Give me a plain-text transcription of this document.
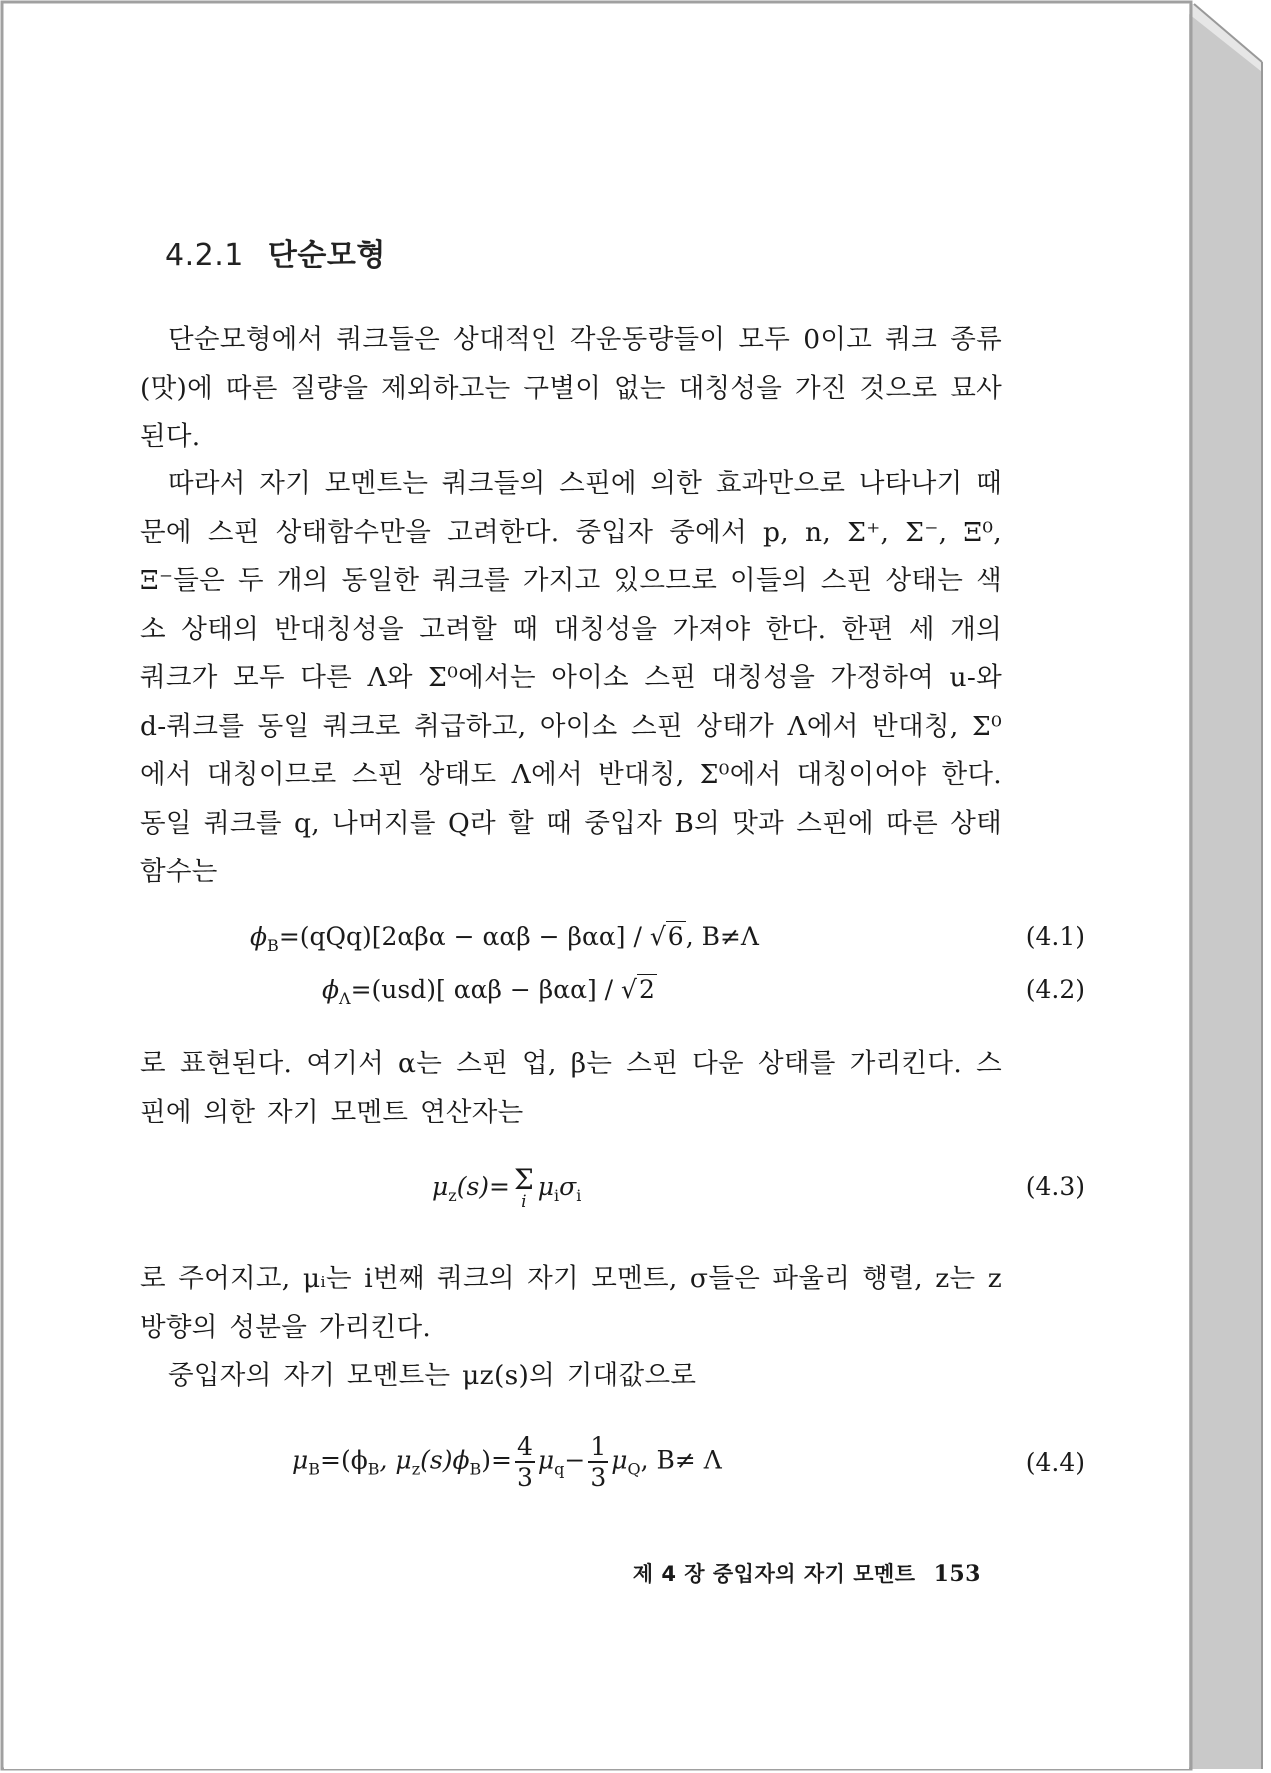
4.2.1 단순모형
단순모형에서 쿼크들은 상대적인 각운동량들이 모두 0이고 쿼크 종류(맛)에 따른 질량을 제외하고는 구별이 없는 대칭성을 가진 것으로 묘사된다.
따라서 자기 모멘트는 쿼크들의 스핀에 의한 효과만으로 나타나기 때문에 스핀 상태함수만을 고려한다. 중입자 중에서 p, n, Σ⁺, Σ⁻, Ξ⁰, Ξ⁻들은 두 개의 동일한 쿼크를 가지고 있으므로 이들의 스핀 상태는 색소 상태의 반대칭성을 고려할 때 대칭성을 가져야 한다. 한편 세 개의 쿼크가 모두 다른 Λ와 Σ⁰에서는 아이소 스핀 대칭성을 가정하여 u-와 d-쿼크를 동일 쿼크로 취급하고, 아이소 스핀 상태가 Λ에서 반대칭, Σ⁰에서 대칭이므로 스핀 상태도 Λ에서 반대칭, Σ⁰에서 대칭이어야 한다. 동일 쿼크를 q, 나머지를 Q라 할 때 중입자 B의 맛과 스핀에 따른 상태함수는
$\phi_B=(qQq)[2\alpha\beta\alpha - \alpha\alpha\beta - \beta\alpha\alpha] / √6$, B≠Λ	(4.1)
$\phi_\Lambda=(usd)$[ ααβ − βαα] / √2	(4.2)
로 표현된다. 여기서 α는 스핀 업, β는 스핀 다운 상태를 가리킨다. 스핀에 의한 자기 모멘트 연산자는
$\mu_z(s)= \Sigma$
i
$\mu_i\sigma_i$	(4.3)
로 주어지고, μᵢ는 i번째 쿼크의 자기 모멘트, σ들은 파울리 행렬, z는 z 방향의 성분을 가리킨다.
중입자의 자기 모멘트는 μz(s)의 기대값으로
$\mu_B=(\phi_B$, $\mu_z(s)\phi_B)= \frac{4}{3} \mu_q- \frac{1}{3} \mu_Q$, B≠ Λ	(4.4)
제 4 장 중입자의 자기 모멘트 153
